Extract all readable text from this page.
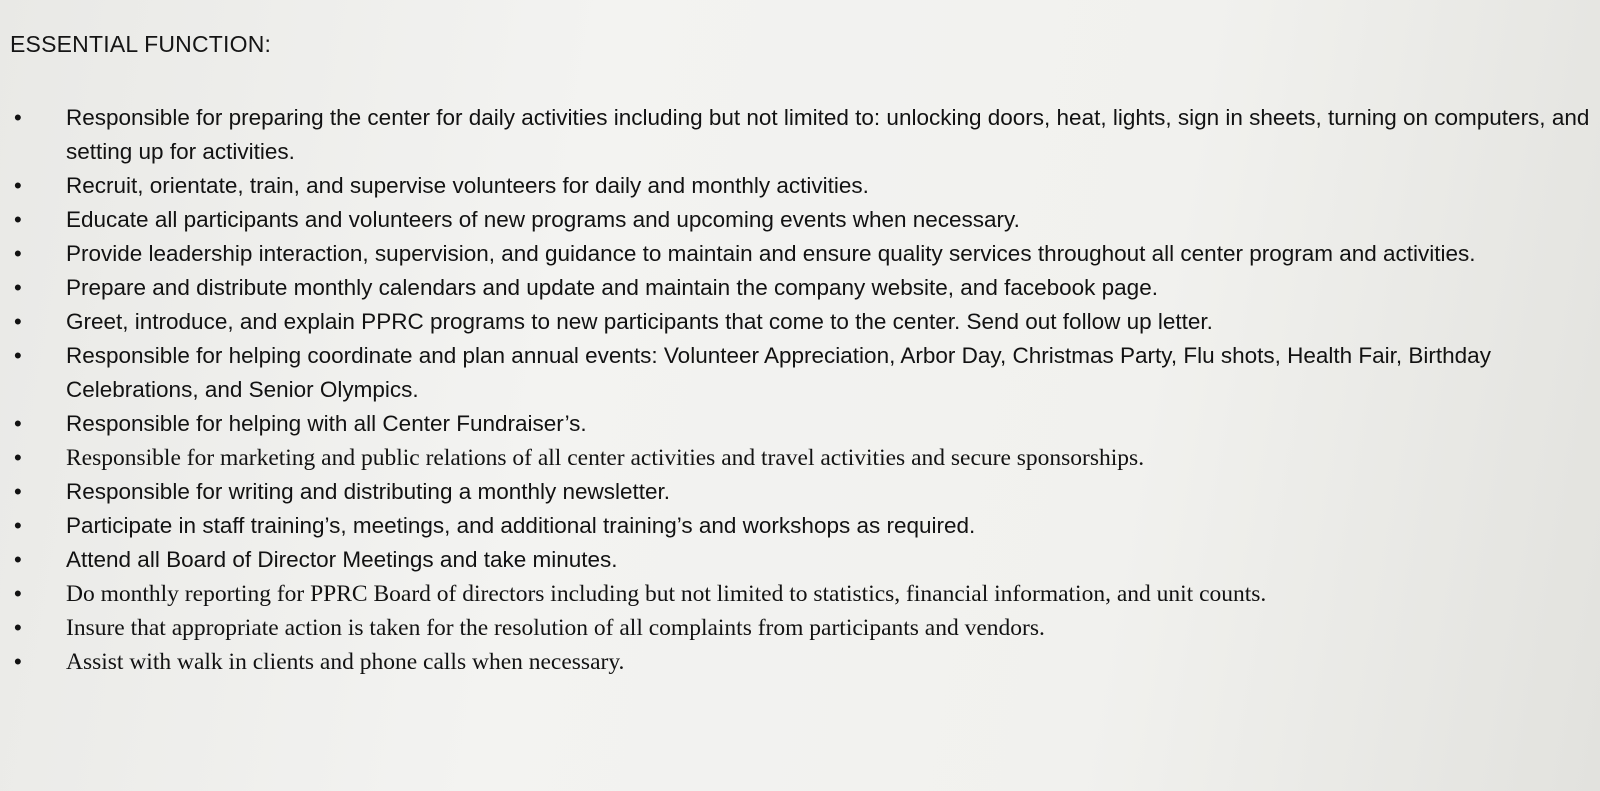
ESSENTIAL FUNCTION:
• Responsible for preparing the center for daily activities including but not limited to: unlocking doors, heat, lights, sign in sheets, turning on computers, and setting up for activities.
• Recruit, orientate, train, and supervise volunteers for daily and monthly activities.
• Educate all participants and volunteers of new programs and upcoming events when necessary.
• Provide leadership interaction, supervision, and guidance to maintain and ensure quality services throughout all center program and activities.
• Prepare and distribute monthly calendars and update and maintain the company website, and facebook page.
• Greet, introduce, and explain PPRC programs to new participants that come to the center. Send out follow up letter.
• Responsible for helping coordinate and plan annual events: Volunteer Appreciation, Arbor Day, Christmas Party, Flu shots, Health Fair, Birthday Celebrations, and Senior Olympics.
• Responsible for helping with all Center Fundraiser’s.
• Responsible for marketing and public relations of all center activities and travel activities and secure sponsorships.
• Responsible for writing and distributing a monthly newsletter.
• Participate in staff training’s, meetings, and additional training’s and workshops as required.
• Attend all Board of Director Meetings and take minutes.
• Do monthly reporting for PPRC Board of directors including but not limited to statistics, financial information, and unit counts.
• Insure that appropriate action is taken for the resolution of all complaints from participants and vendors.
• Assist with walk in clients and phone calls when necessary.
